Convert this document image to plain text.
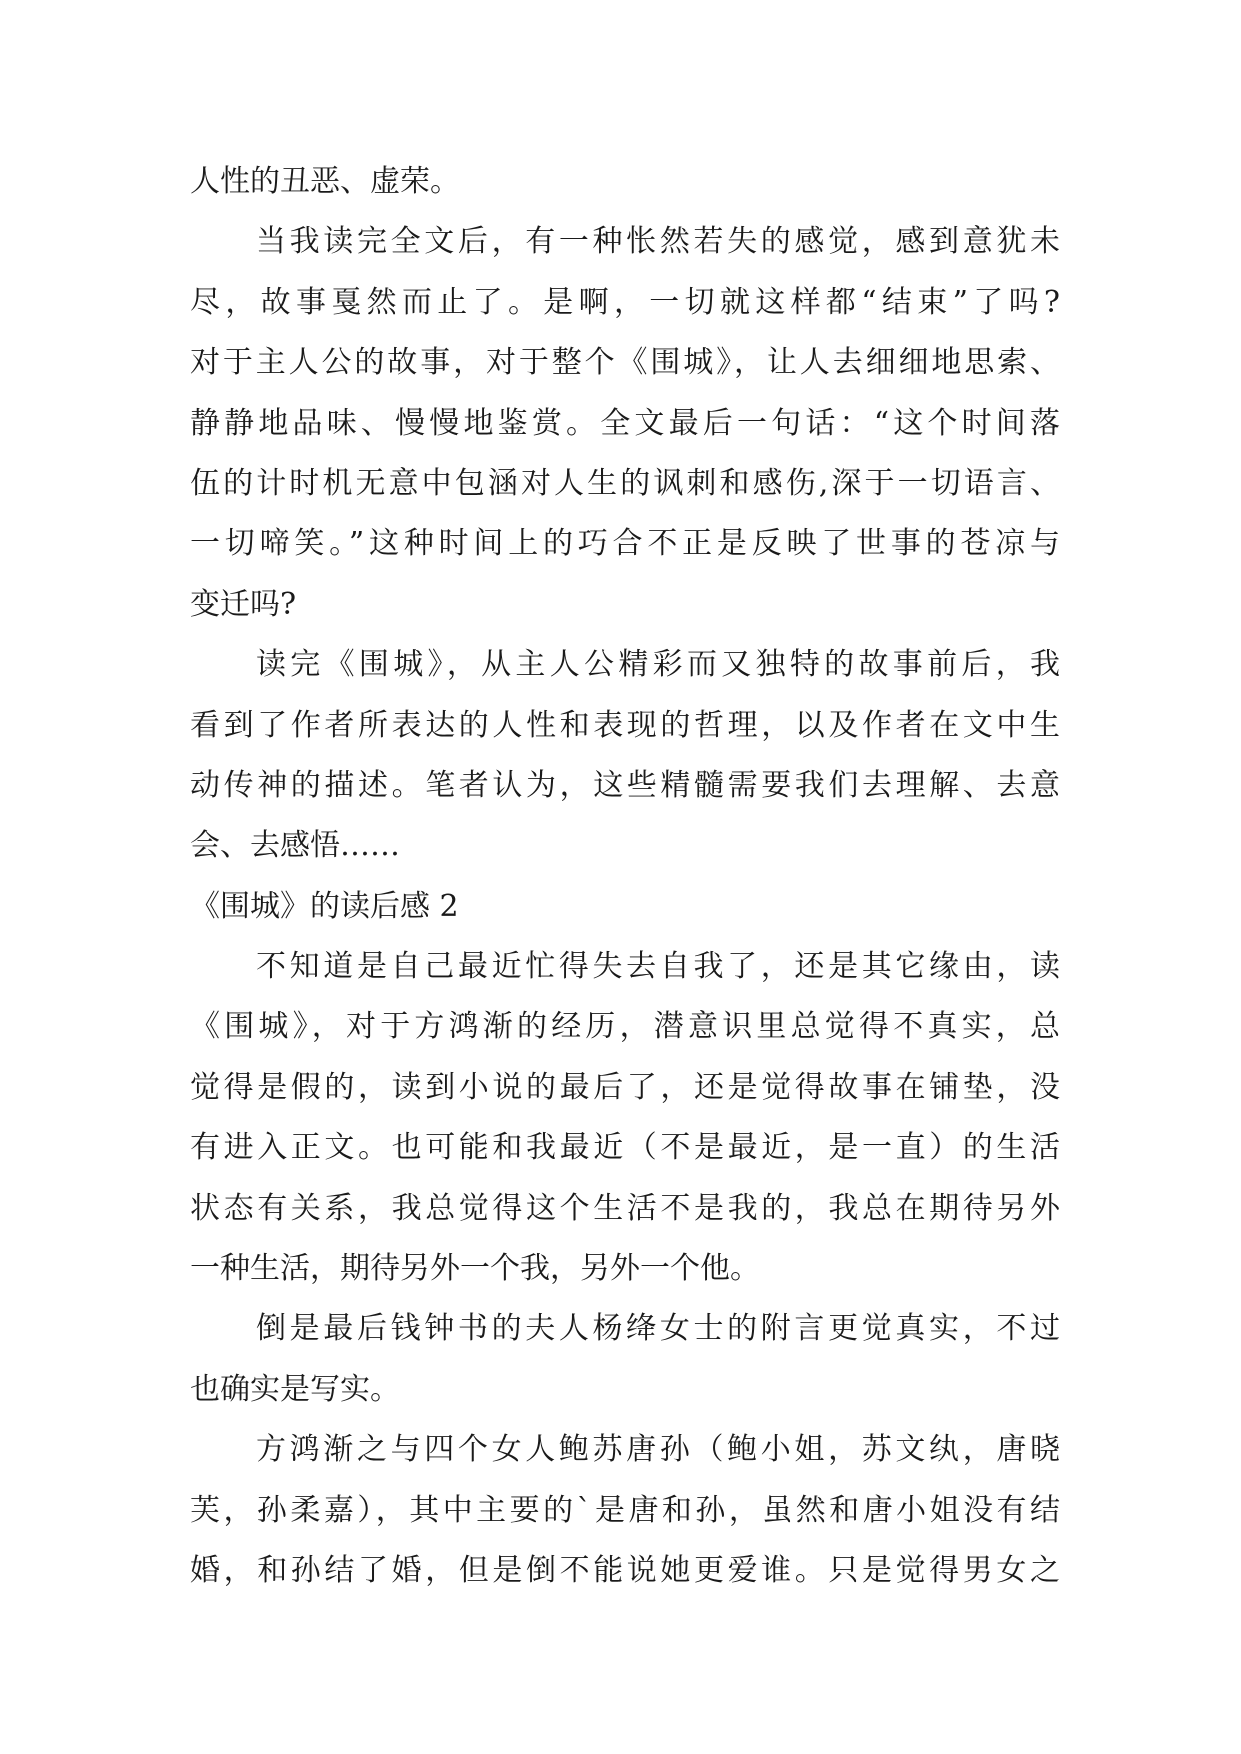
人性的丑恶、虚荣。
当我读完全文后，有一种怅然若失的感觉，感到意犹未
尽，故事戛然而止了。是啊，一切就这样都“结束”了吗?
对于主人公的故事，对于整个《围城》，让人去细细地思索、
静静地品味、慢慢地鉴赏。全文最后一句话：“这个时间落
伍的计时机无意中包涵对人生的讽刺和感伤,深于一切语言、
一切啼笑。”这种时间上的巧合不正是反映了世事的苍凉与
变迁吗?
读完《围城》，从主人公精彩而又独特的故事前后，我
看到了作者所表达的人性和表现的哲理，以及作者在文中生
动传神的描述。笔者认为，这些精髓需要我们去理解、去意
会、去感悟……
《围城》的读后感 2
不知道是自己最近忙得失去自我了，还是其它缘由，读
《围城》，对于方鸿渐的经历，潜意识里总觉得不真实，总
觉得是假的，读到小说的最后了，还是觉得故事在铺垫，没
有进入正文。也可能和我最近（不是最近，是一直）的生活
状态有关系，我总觉得这个生活不是我的，我总在期待另外
一种生活，期待另外一个我，另外一个他。
倒是最后钱钟书的夫人杨绛女士的附言更觉真实，不过
也确实是写实。
方鸿渐之与四个女人鲍苏唐孙（鲍小姐，苏文纨，唐晓
芙，孙柔嘉），其中主要的`是唐和孙，虽然和唐小姐没有结
婚，和孙结了婚，但是倒不能说她更爱谁。只是觉得男女之
